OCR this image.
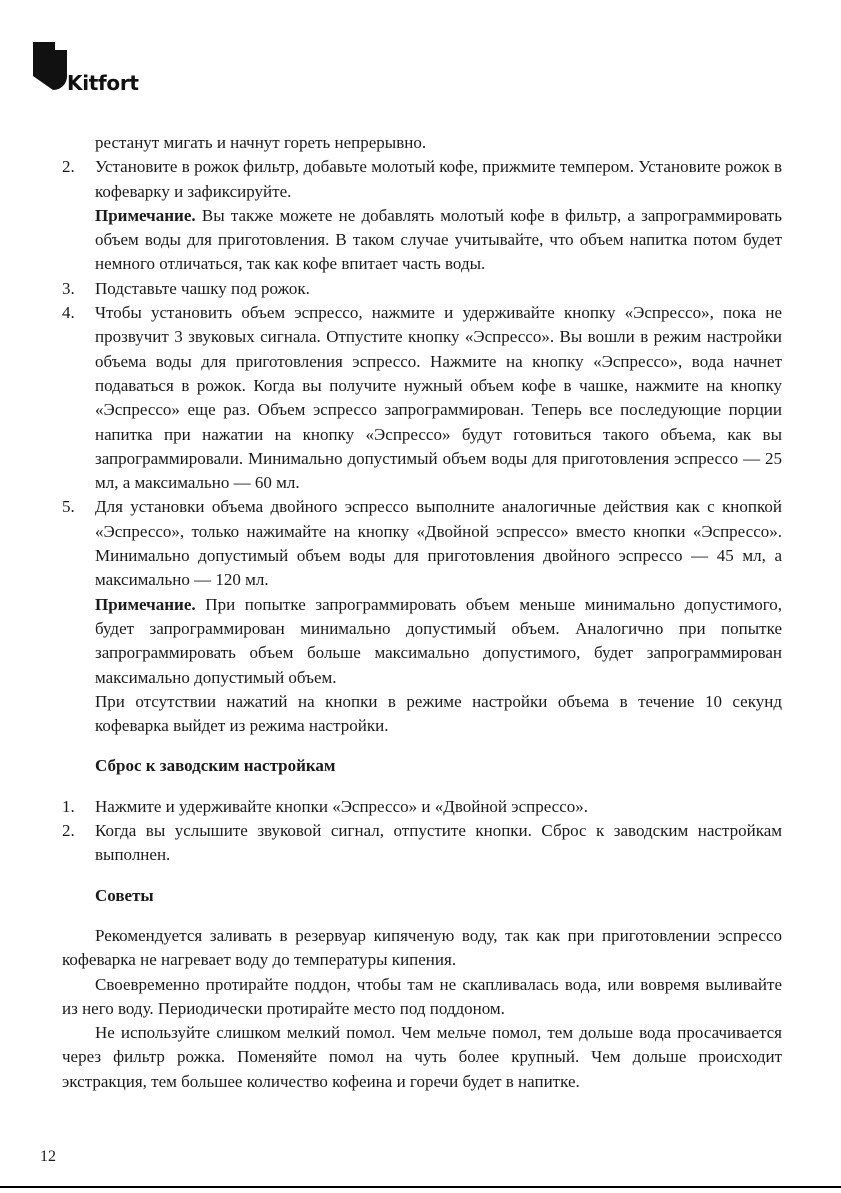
Kitfort

рестанут мигать и начнут гореть непрерывно.

2. Установите в рожок фильтр, добавьте молотый кофе, прижмите темпером. Установите рожок в кофеварку и зафиксируйте.

Примечание. Вы также можете не добавлять молотый кофе в фильтр, а запрограммировать объем воды для приготовления. В таком случае учитывайте, что объем напитка потом будет немного отличаться, так как кофе впитает часть воды.

3. Подставьте чашку под рожок.

4. Чтобы установить объем эспрессо, нажмите и удерживайте кнопку «Эспрессо», пока не прозвучит 3 звуковых сигнала. Отпустите кнопку «Эспрессо». Вы вошли в режим настройки объема воды для приготовления эспрессо. Нажмите на кнопку «Эспрессо», вода начнет подаваться в рожок. Когда вы получите нужный объем кофе в чашке, нажмите на кнопку «Эспрессо» еще раз. Объем эспрессо запрограммирован. Теперь все последующие порции напитка при нажатии на кнопку «Эспрессо» будут готовиться такого объема, как вы запрограммировали. Минимально допустимый объем воды для приготовления эспрессо — 25 мл, а максимально — 60 мл.

5. Для установки объема двойного эспрессо выполните аналогичные действия как с кнопкой «Эспрессо», только нажимайте на кнопку «Двойной эспрессо» вместо кнопки «Эспрессо». Минимально допустимый объем воды для приготовления двойного эспрессо — 45 мл, а максимально — 120 мл.

Примечание. При попытке запрограммировать объем меньше минимально допустимого, будет запрограммирован минимально допустимый объем. Аналогично при попытке запрограммировать объем больше максимально допустимого, будет запрограммирован максимально допустимый объем.

При отсутствии нажатий на кнопки в режиме настройки объема в течение 10 секунд кофеварка выйдет из режима настройки.

Сброс к заводским настройкам

1. Нажмите и удерживайте кнопки «Эспрессо» и «Двойной эспрессо».

2. Когда вы услышите звуковой сигнал, отпустите кнопки. Сброс к заводским настройкам выполнен.

Советы

Рекомендуется заливать в резервуар кипяченую воду, так как при приготовлении эспрессо кофеварка не нагревает воду до температуры кипения.

Своевременно протирайте поддон, чтобы там не скапливалась вода, или вовремя выливайте из него воду. Периодически протирайте место под поддоном.

Не используйте слишком мелкий помол. Чем мельче помол, тем дольше вода просачивается через фильтр рожка. Поменяйте помол на чуть более крупный. Чем дольше происходит экстракция, тем большее количество кофеина и горечи будет в напитке.

12
